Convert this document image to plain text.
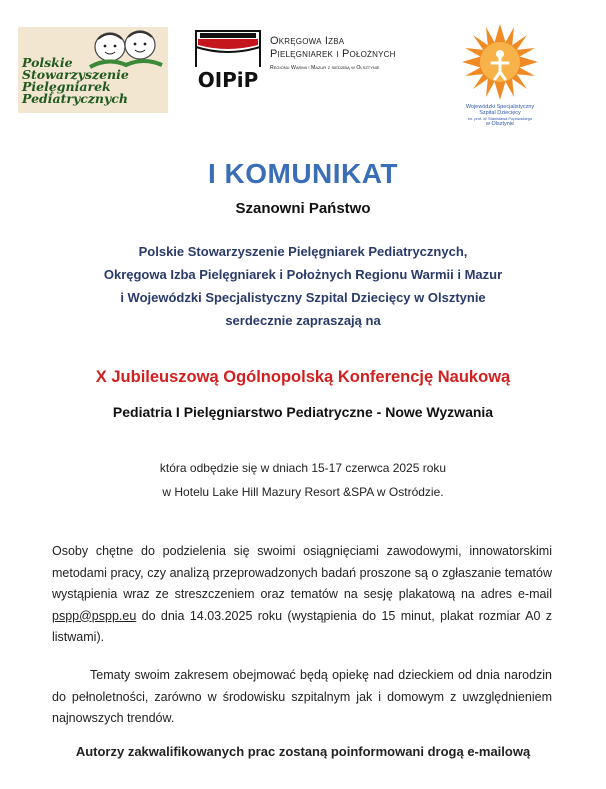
Polskie
Stowarzyszenie
Pielęgniarek
Pediatrycznych
OIPiP
Okręgowa Izba
Pielęgniarek i Położnych
Regionu Warmii i Mazur z siedzibą w Olsztynie
Wojewódzki Specjalistyczny
Szpital Dziecięcy
im. prof. dr Stanisława Popowskiego
w Olsztynie
I KOMUNIKAT
Szanowni Państwo
Polskie Stowarzyszenie Pielęgniarek Pediatrycznych,
Okręgowa Izba Pielęgniarek i Położnych Regionu Warmii i Mazur
i Wojewódzki Specjalistyczny Szpital Dziecięcy w Olsztynie
serdecznie zapraszają na
X Jubileuszową Ogólnopolską Konferencję Naukową
Pediatria I Pielęgniarstwo Pediatryczne - Nowe Wyzwania
która odbędzie się w dniach 15-17 czerwca 2025 roku
w Hotelu Lake Hill Mazury Resort &SPA w Ostródzie.
Osoby chętne do podzielenia się swoimi osiągnięciami zawodowymi, innowatorskimi metodami pracy, czy analizą przeprowadzonych badań proszone są o zgłaszanie tematów wystąpienia wraz ze streszczeniem oraz tematów na sesję plakatową na adres e-mail pspp@pspp.eu do dnia 14.03.2025 roku (wystąpienia do 15 minut, plakat rozmiar A0 z listwami).
Tematy swoim zakresem obejmować będą opiekę nad dzieckiem od dnia narodzin do pełnoletności, zarówno w środowisku szpitalnym jak i domowym z uwzględnieniem najnowszych trendów.
Autorzy zakwalifikowanych prac zostaną poinformowani drogą e-mailową
